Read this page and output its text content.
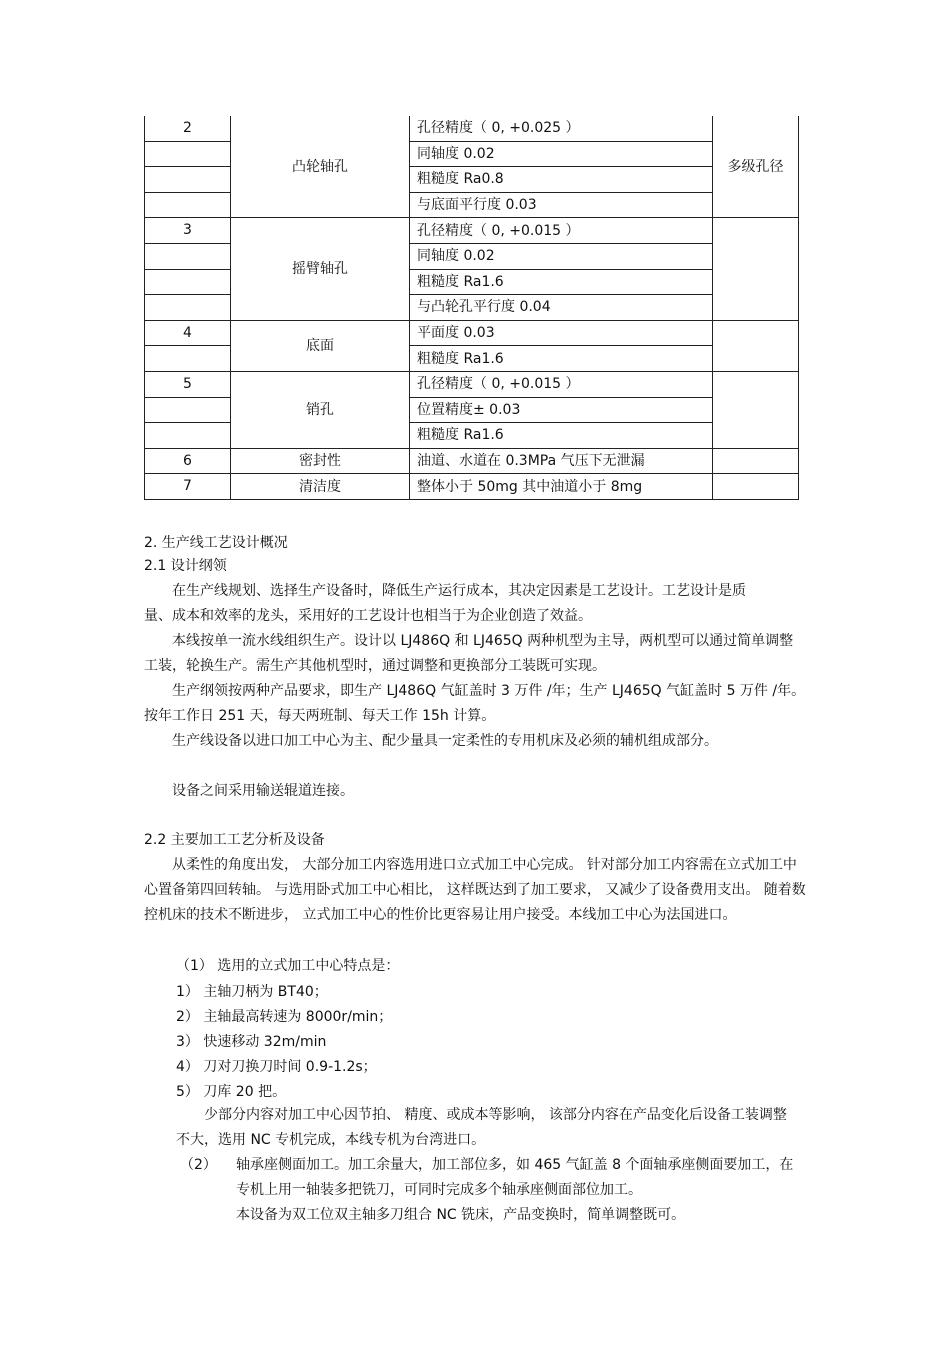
2	凸轮轴孔	孔径精度（ 0, +0.025 ）	多级孔径
		同轴度 0.02	
		粗糙度 Ra0.8	
		与底面平行度 0.03	
3	摇臂轴孔	孔径精度（ 0, +0.015 ）	
		同轴度 0.02	
		粗糙度 Ra1.6	
		与凸轮孔平行度 0.04	
4	底面	平面度 0.03	
		粗糙度 Ra1.6	
5	销孔	孔径精度（ 0, +0.015 ）	
		位置精度± 0.03	
		粗糙度 Ra1.6	
6	密封性	油道、水道在 0.3MPa 气压下无泄漏	
7	清洁度	整体小于 50mg 其中油道小于 8mg	
2. 生产线工艺设计概况
2.1 设计纲领
在生产线规划、选择生产设备时，降低生产运行成本，其决定因素是工艺设计。工艺设计是质量、成本和效率的龙头，采用好的工艺设计也相当于为企业创造了效益。
本线按单一流水线组织生产。设计以 LJ486Q 和 LJ465Q 两种机型为主导，两机型可以通过简单调整工装，轮换生产。需生产其他机型时，通过调整和更换部分工装既可实现。
生产纲领按两种产品要求，即生产 LJ486Q 气缸盖时 3 万件 /年；生产 LJ465Q 气缸盖时 5 万件 /年。按年工作日 251 天，每天两班制、每天工作 15h 计算。
生产线设备以进口加工中心为主、配少量具一定柔性的专用机床及必须的辅机组成部分。
设备之间采用输送辊道连接。
2.2 主要加工工艺分析及设备
从柔性的角度出发， 大部分加工内容选用进口立式加工中心完成。 针对部分加工内容需在立式加工中心置备第四回转轴。 与选用卧式加工中心相比， 这样既达到了加工要求， 又减少了设备费用支出。 随着数控机床的技术不断进步， 立式加工中心的性价比更容易让用户接受。本线加工中心为法国进口。
（1） 选用的立式加工中心特点是：
1） 主轴刀柄为 BT40；
2） 主轴最高转速为 8000r/min；
3） 快速移动 32m/min
4） 刀对刀换刀时间 0.9-1.2s；
5） 刀库 20 把。
少部分内容对加工中心因节拍、 精度、或成本等影响， 该部分内容在产品变化后设备工装调整不大，选用 NC 专机完成，本线专机为台湾进口。
（2） 轴承座侧面加工。加工余量大，加工部位多，如 465 气缸盖 8 个面轴承座侧面要加工，在专机上用一轴装多把铣刀，可同时完成多个轴承座侧面部位加工。
本设备为双工位双主轴多刀组合 NC 铣床，产品变换时，简单调整既可。
